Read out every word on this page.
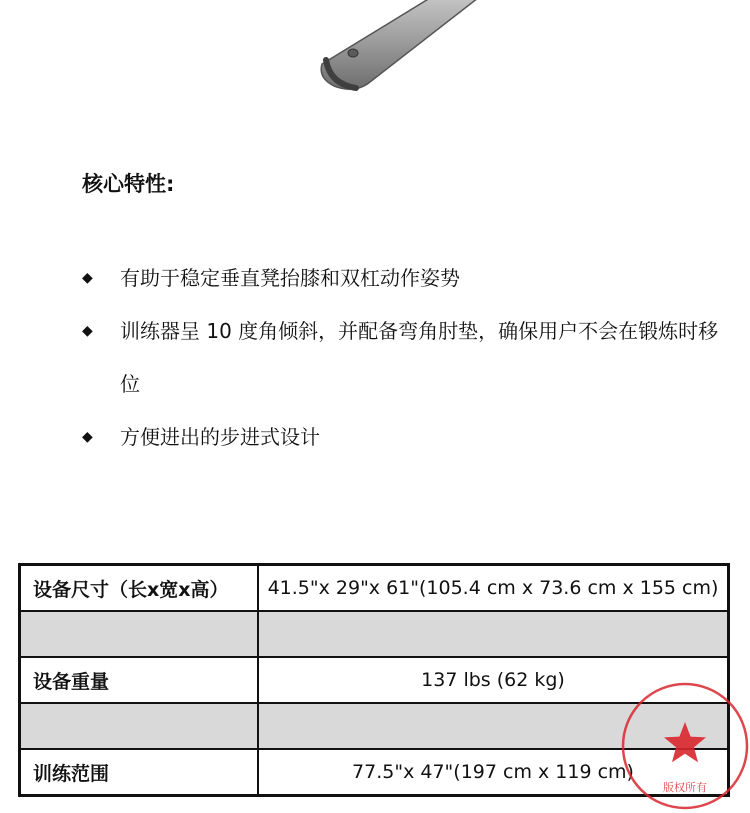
核心特性:
◆ 有助于稳定垂直凳抬膝和双杠动作姿势
◆ 训练器呈 10 度角倾斜，并配备弯角肘垫，确保用户不会在锻炼时移位
◆ 方便进出的步进式设计
设备尺寸（长x宽x高）	41.5"x 29"x 61"(105.4 cm x 73.6 cm x 155 cm)

设备重量	137 lbs (62 kg)

训练范围	77.5"x 47"(197 cm x 119 cm)
版权所有
